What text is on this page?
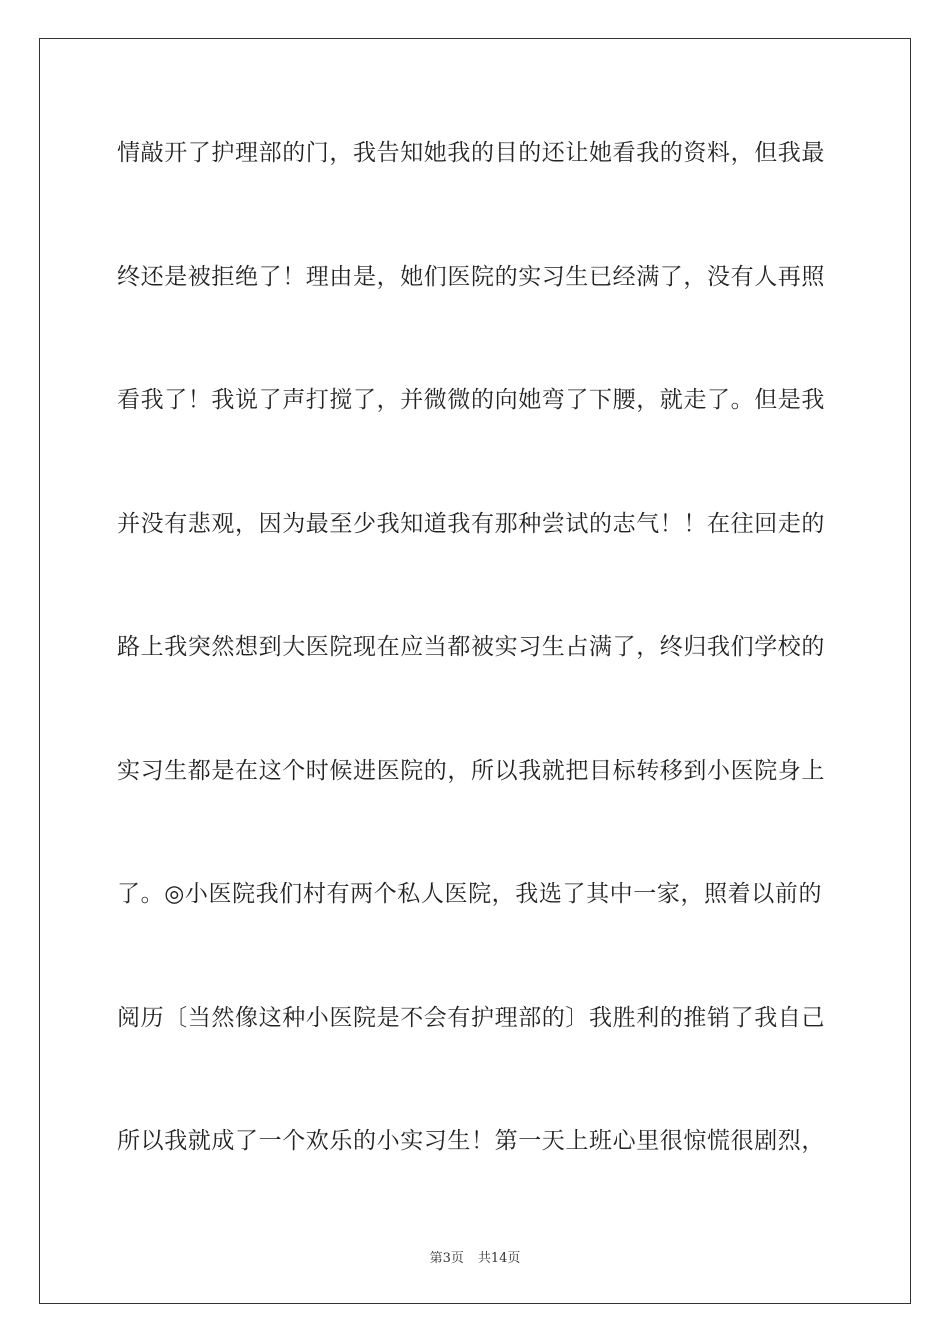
情敲开了护理部的门，我告知她我的目的还让她看我的资料，但我最
终还是被拒绝了！理由是，她们医院的实习生已经满了，没有人再照
看我了！我说了声打搅了，并微微的向她弯了下腰，就走了。但是我
并没有悲观，因为最至少我知道我有那种尝试的志气！！在往回走的
路上我突然想到大医院现在应当都被实习生占满了，终归我们学校的
实习生都是在这个时候进医院的，所以我就把目标转移到小医院身上
了。◎小医院我们村有两个私人医院，我选了其中一家，照着以前的
阅历〔当然像这种小医院是不会有护理部的〕我胜利的推销了我自己
所以我就成了一个欢乐的小实习生！第一天上班心里很惊慌很剧烈，
第3页 共14页
